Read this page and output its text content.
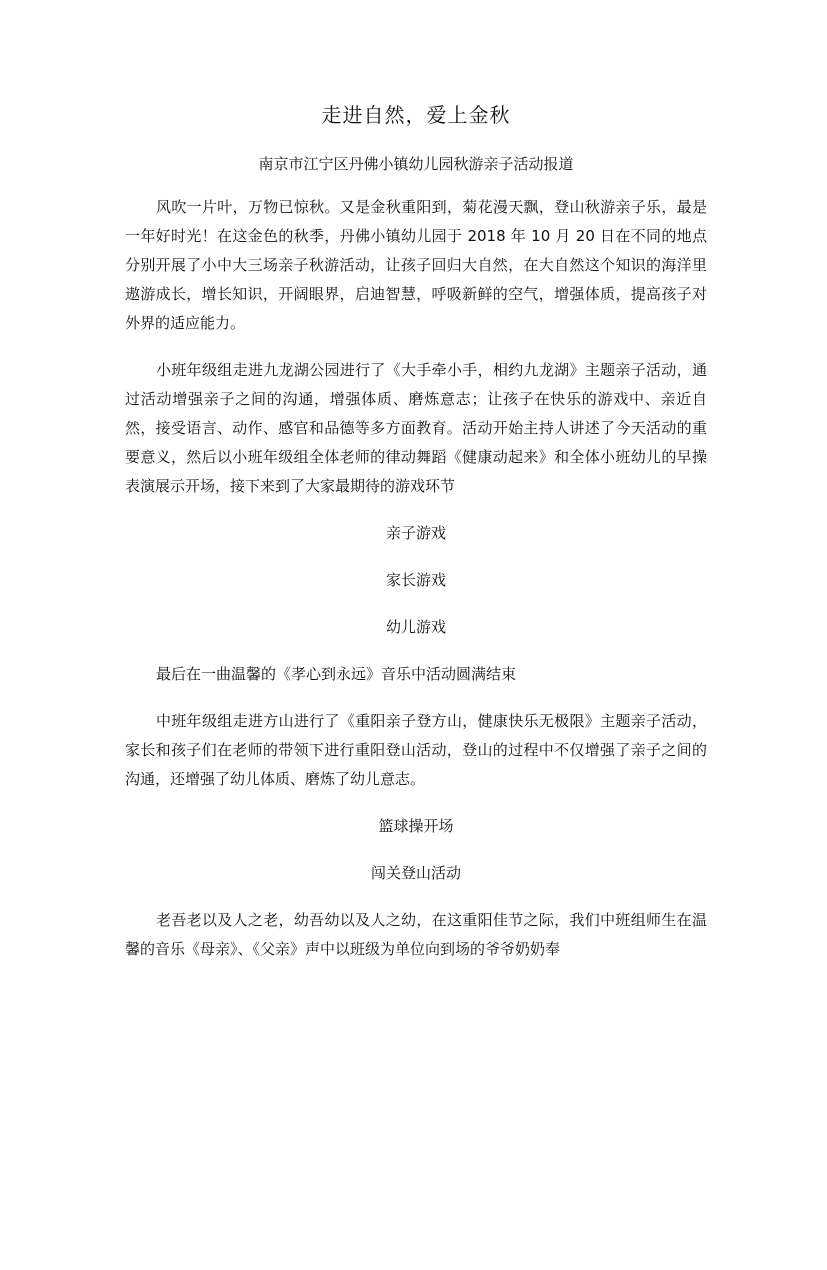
走进自然，爱上金秋

南京市江宁区丹佛小镇幼儿园秋游亲子活动报道

风吹一片叶，万物已惊秋。又是金秋重阳到，菊花漫天飘，登山秋游亲子乐，最是一年好时光！在这金色的秋季，丹佛小镇幼儿园于 2018 年 10 月 20 日在不同的地点分别开展了小中大三场亲子秋游活动，让孩子回归大自然，在大自然这个知识的海洋里遨游成长，增长知识，开阔眼界，启迪智慧，呼吸新鲜的空气，增强体质，提高孩子对外界的适应能力。

小班年级组走进九龙湖公园进行了《大手牵小手，相约九龙湖》主题亲子活动，通过活动增强亲子之间的沟通，增强体质、磨炼意志；让孩子在快乐的游戏中、亲近自然，接受语言、动作、感官和品德等多方面教育。活动开始主持人讲述了今天活动的重要意义，然后以小班年级组全体老师的律动舞蹈《健康动起来》和全体小班幼儿的早操表演展示开场，接下来到了大家最期待的游戏环节

亲子游戏

家长游戏

幼儿游戏

最后在一曲温馨的《孝心到永远》音乐中活动圆满结束

中班年级组走进方山进行了《重阳亲子登方山，健康快乐无极限》主题亲子活动，家长和孩子们在老师的带领下进行重阳登山活动，登山的过程中不仅增强了亲子之间的沟通，还增强了幼儿体质、磨炼了幼儿意志。

篮球操开场

闯关登山活动

老吾老以及人之老，幼吾幼以及人之幼，在这重阳佳节之际，我们中班组师生在温馨的音乐《母亲》、《父亲》声中以班级为单位向到场的爷爷奶奶奉
